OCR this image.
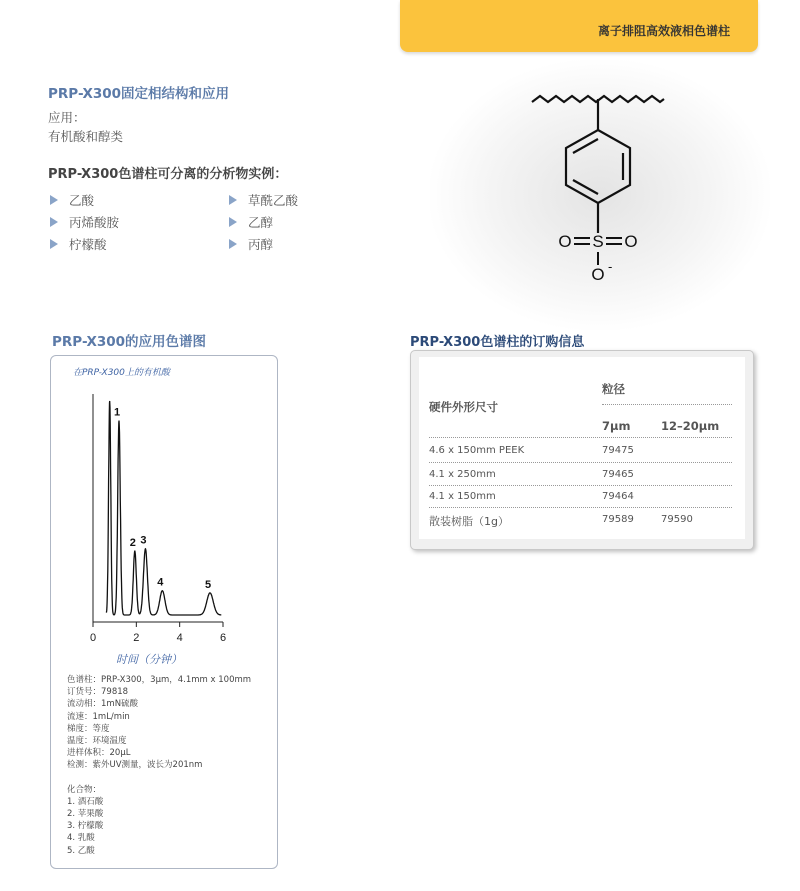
离子排阻高效液相色谱柱
PRP-X300固定相结构和应用
应用：
有机酸和醇类
PRP-X300色谱柱可分离的分析物实例：
乙酸
丙烯酸胺
柠檬酸
草酰乙酸
乙醇
丙醇	S
O	O
O -
PRP-X300的应用色谱图
在PRP-X300上的有机酸
0	2	4	6
1
2 3
4	5
时间（分钟）
色谱柱：PRP-X300，3μm，4.1mm x 100mm
订货号：79818
流动相：1mN硫酸
流速：1mL/min
梯度：等度
温度：环境温度
进样体积：20μL
检测：紫外UV测量，波长为201nm
化合物：
1. 酒石酸
2. 苹果酸
3. 柠檬酸
4. 乳酸
5. 乙酸
PRP-X300色谱柱的订购信息
硬件外形尺寸
粒径
7μm	12–20μm
4.6 x 150mm PEEK	79475
4.1 x 250mm	79465
4.1 x 150mm	79464
散装树脂（1g）	79589	79590
